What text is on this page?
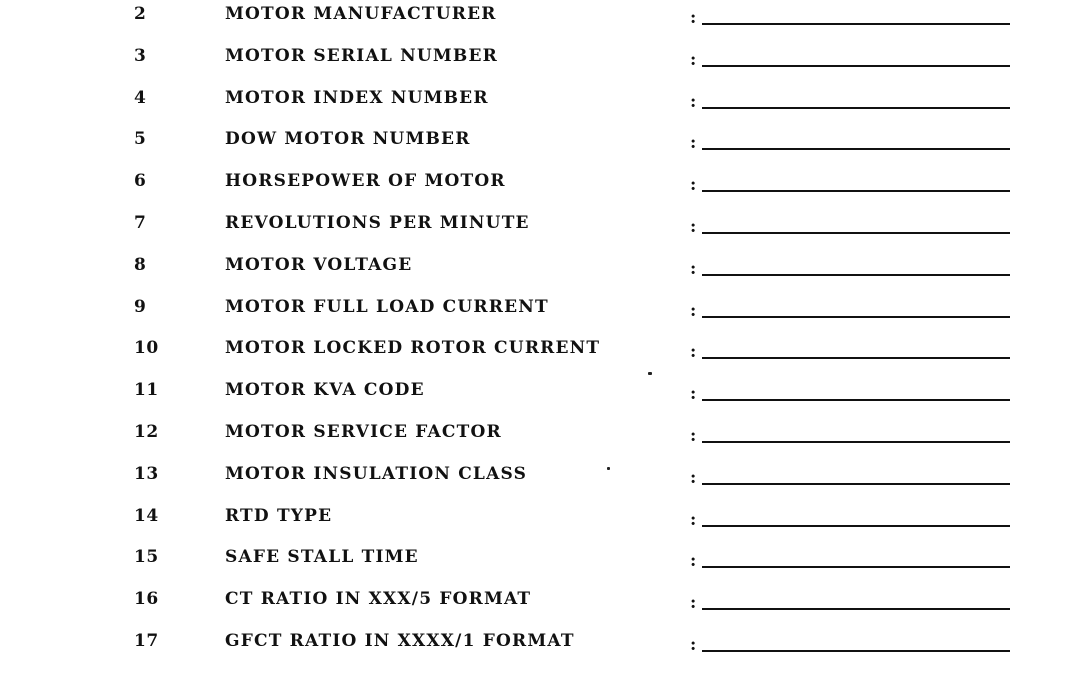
2	MOTOR MANUFACTURER	:
3	MOTOR SERIAL NUMBER	:
4	MOTOR INDEX NUMBER	:
5	DOW MOTOR NUMBER	:
6	HORSEPOWER OF MOTOR	:
7	REVOLUTIONS PER MINUTE	:
8	MOTOR VOLTAGE	:
9	MOTOR FULL LOAD CURRENT	:
10	MOTOR LOCKED ROTOR CURRENT	:
11	MOTOR KVA CODE	:
12	MOTOR SERVICE FACTOR	:
13	MOTOR INSULATION CLASS	:
14	RTD TYPE	:
15	SAFE STALL TIME	:
16	CT RATIO IN XXX/5 FORMAT	:
17	GFCT RATIO IN XXXX/1 FORMAT	:
